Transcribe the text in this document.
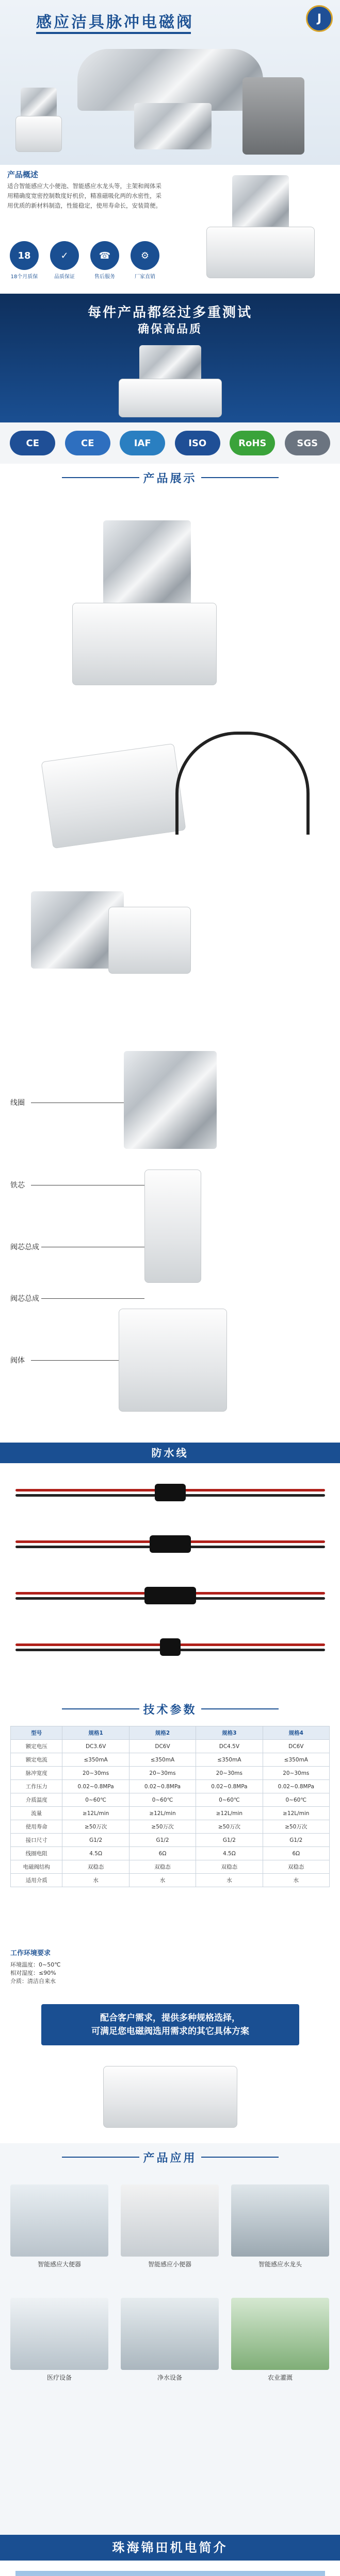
感应洁具脉冲电磁阀	J
产品概述
适合智能感应大小便池、智能感应水龙头等，主架和阀体采用精确度宽密控制数度好机价，精准磁吸化两的水密性，采用优质的新材料制造，性能稳定，使用寿命长，安装简便。
18
18个月质保
✓
品质保证
☎
售后服务
⚙
厂家直销
每件产品都经过多重测试
确保高品质
CE	CE	IAF	ISO	RoHS	SGS
产品展示
线圈
铁芯
阀芯总成
阀芯总成
阀体
防水线
技术参数
型号	规格1	规格2	规格3	规格4
额定电压	DC3.6V	DC6V	DC4.5V	DC6V
额定电流	≤350mA	≤350mA	≤350mA	≤350mA
脉冲宽度	20~30ms	20~30ms	20~30ms	20~30ms
工作压力	0.02~0.8MPa	0.02~0.8MPa	0.02~0.8MPa	0.02~0.8MPa
介质温度	0~60℃	0~60℃	0~60℃	0~60℃
流量	≥12L/min	≥12L/min	≥12L/min	≥12L/min
使用寿命	≥50万次	≥50万次	≥50万次	≥50万次
接口尺寸	G1/2	G1/2	G1/2	G1/2
线圈电阻	4.5Ω	6Ω	4.5Ω	6Ω
电磁阀结构	双稳态	双稳态	双稳态	双稳态
适用介质	水	水	水	水
工作环境要求
环境温度：0~50℃
相对湿度：≤90%
介质：清洁自来水
配合客户需求，提供多种规格选择，
可满足您电磁阀选用需求的其它具体方案
产品应用
智能感应大便器	智能感应小便器	智能感应水龙头
医疗设备	净水设备	农业灌溉
珠海锦田机电简介
